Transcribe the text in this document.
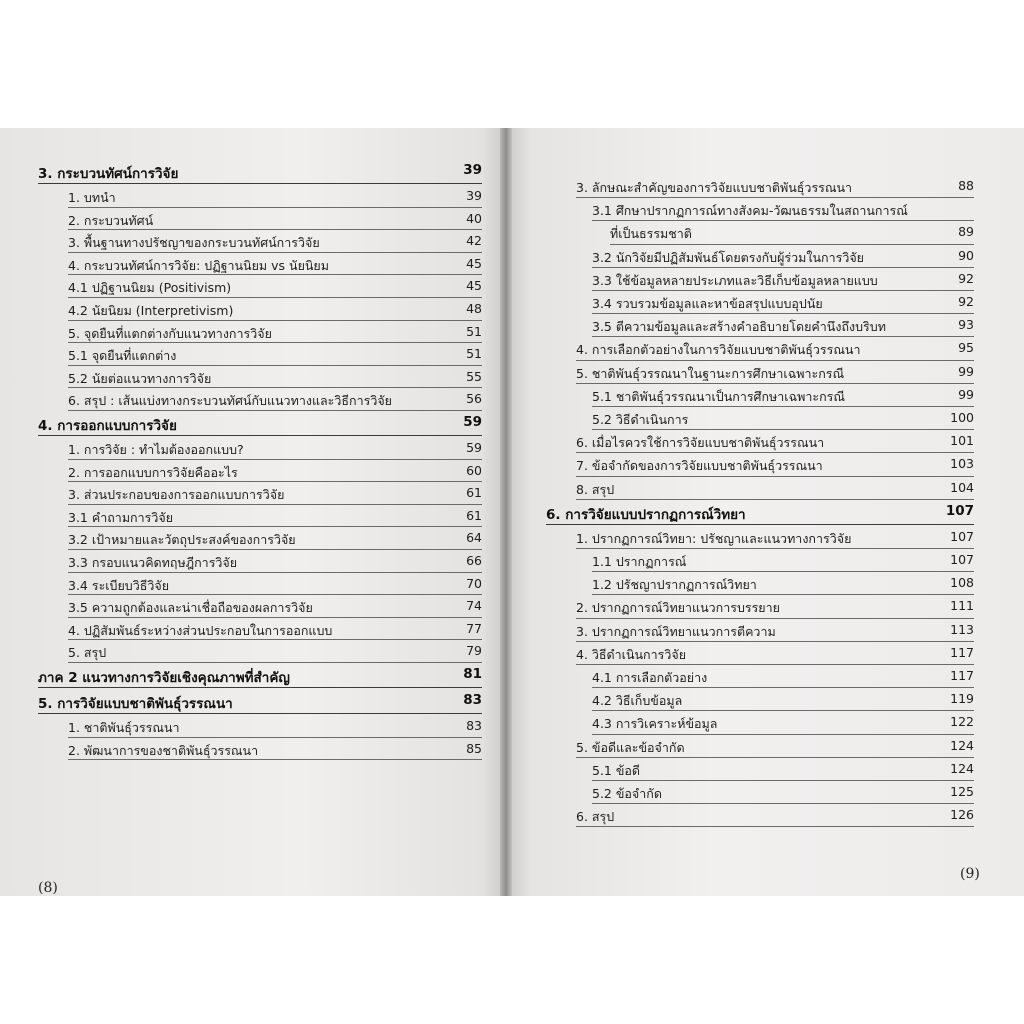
3. กระบวนทัศน์การวิจัย	39
1. บทนำ	39
2. กระบวนทัศน์	40
3. พื้นฐานทางปรัชญาของกระบวนทัศน์การวิจัย	42
4. กระบวนทัศน์การวิจัย: ปฏิฐานนิยม vs นัยนิยม	45
4.1 ปฏิฐานนิยม (Positivism)	45
4.2 นัยนิยม (Interpretivism)	48
5. จุดยืนที่แตกต่างกับแนวทางการวิจัย	51
5.1 จุดยืนที่แตกต่าง	51
5.2 นัยต่อแนวทางการวิจัย	55
6. สรุป : เส้นแบ่งทางกระบวนทัศน์กับแนวทางและวิธีการวิจัย	56
4. การออกแบบการวิจัย	59
1. การวิจัย : ทำไมต้องออกแบบ?	59
2. การออกแบบการวิจัยคืออะไร	60
3. ส่วนประกอบของการออกแบบการวิจัย	61
3.1 คำถามการวิจัย	61
3.2 เป้าหมายและวัตถุประสงค์ของการวิจัย	64
3.3 กรอบแนวคิดทฤษฎีการวิจัย	66
3.4 ระเบียบวิธีวิจัย	70
3.5 ความถูกต้องและน่าเชื่อถือของผลการวิจัย	74
4. ปฏิสัมพันธ์ระหว่างส่วนประกอบในการออกแบบ	77
5. สรุป	79
ภาค 2 แนวทางการวิจัยเชิงคุณภาพที่สำคัญ	81
5. การวิจัยแบบชาติพันธุ์วรรณนา	83
1. ชาติพันธุ์วรรณนา	83
2. พัฒนาการของชาติพันธุ์วรรณนา	85
(8)
3. ลักษณะสำคัญของการวิจัยแบบชาติพันธุ์วรรณนา	88
3.1 ศึกษาปรากฏการณ์ทางสังคม-วัฒนธรรมในสถานการณ์
ที่เป็นธรรมชาติ	89
3.2 นักวิจัยมีปฏิสัมพันธ์โดยตรงกับผู้ร่วมในการวิจัย	90
3.3 ใช้ข้อมูลหลายประเภทและวิธีเก็บข้อมูลหลายแบบ	92
3.4 รวบรวมข้อมูลและหาข้อสรุปแบบอุปนัย	92
3.5 ตีความข้อมูลและสร้างคำอธิบายโดยคำนึงถึงบริบท	93
4. การเลือกตัวอย่างในการวิจัยแบบชาติพันธุ์วรรณนา	95
5. ชาติพันธุ์วรรณนาในฐานะการศึกษาเฉพาะกรณี	99
5.1 ชาติพันธุ์วรรณนาเป็นการศึกษาเฉพาะกรณี	99
5.2 วิธีดำเนินการ	100
6. เมื่อไรควรใช้การวิจัยแบบชาติพันธุ์วรรณนา	101
7. ข้อจำกัดของการวิจัยแบบชาติพันธุ์วรรณนา	103
8. สรุป	104
6. การวิจัยแบบปรากฏการณ์วิทยา	107
1. ปรากฏการณ์วิทยา: ปรัชญาและแนวทางการวิจัย	107
1.1 ปรากฏการณ์	107
1.2 ปรัชญาปรากฏการณ์วิทยา	108
2. ปรากฏการณ์วิทยาแนวการบรรยาย	111
3. ปรากฏการณ์วิทยาแนวการตีความ	113
4. วิธีดำเนินการวิจัย	117
4.1 การเลือกตัวอย่าง	117
4.2 วิธีเก็บข้อมูล	119
4.3 การวิเคราะห์ข้อมูล	122
5. ข้อดีและข้อจำกัด	124
5.1 ข้อดี	124
5.2 ข้อจำกัด	125
6. สรุป	126
(9)
